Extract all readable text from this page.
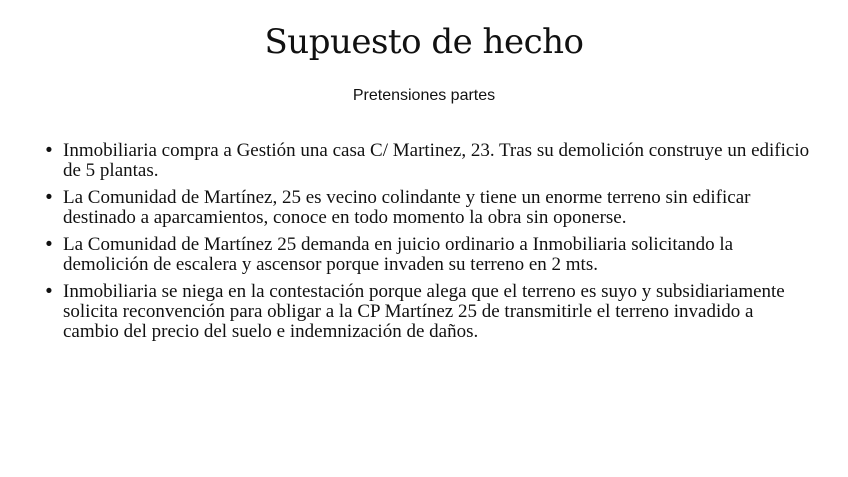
Supuesto de hecho
Pretensiones partes
• Inmobiliaria compra a Gestión una casa C/ Martinez, 23. Tras su demolición construye un edificio de 5 plantas.
• La Comunidad de Martínez, 25 es vecino colindante y tiene un enorme terreno sin edificar destinado a aparcamientos, conoce en todo momento la obra sin oponerse.
• La Comunidad de Martínez 25 demanda en juicio ordinario a Inmobiliaria solicitando la demolición de escalera y ascensor porque invaden su terreno en 2 mts.
• Inmobiliaria se niega en la contestación porque alega que el terreno es suyo y subsidiariamente solicita reconvención para obligar a la CP Martínez 25 de transmitirle el terreno invadido a cambio del precio del suelo e indemnización de daños.
